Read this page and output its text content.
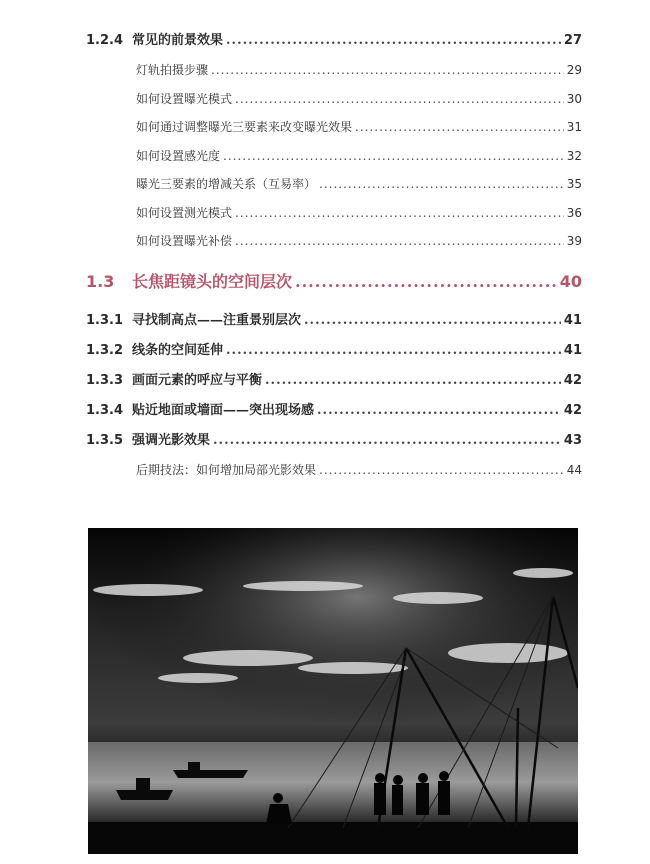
1.2.4 常见的前景效果 .....	27
灯轨拍摄步骤 .....	29
如何设置曝光模式 .....	30
如何通过调整曝光三要素来改变曝光效果 .....	31
如何设置感光度 .....	32
曝光三要素的增减关系（互易率） .....	35
如何设置测光模式 .....	36
如何设置曝光补偿 .....	39
1.3	长焦距镜头的空间层次 .....	40
1.3.1 寻找制高点——注重景别层次 .....	41
1.3.2 线条的空间延伸 .....	41
1.3.3 画面元素的呼应与平衡 .....	42
1.3.4 贴近地面或墙面——突出现场感 .....	42
1.3.5 强调光影效果 .....	43
后期技法：如何增加局部光影效果 .....	44
